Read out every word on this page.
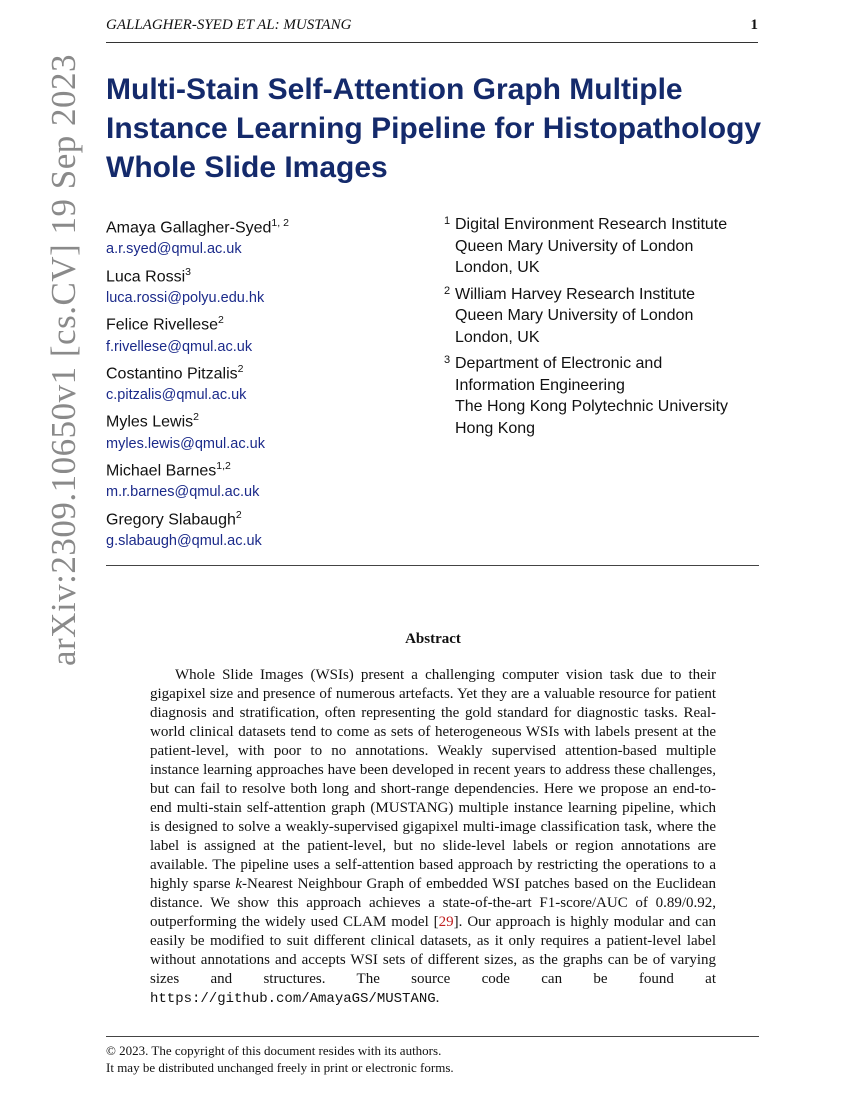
GALLAGHER-SYED ET AL: MUSTANG	1
arXiv:2309.10650v1 [cs.CV] 19 Sep 2023 Multi-Stain Self-Attention Graph Multiple Instance Learning Pipeline for Histopathology Whole Slide Images
Amaya Gallagher-Syed$^{1, 2}$
a.r.syed@qmul.ac.uk
Luca Rossi$^3$
luca.rossi@polyu.edu.hk
Felice Rivellese$^2$
f.rivellese@qmul.ac.uk
Costantino Pitzalis$^2$
c.pitzalis@qmul.ac.uk
Myles Lewis$^2$
myles.lewis@qmul.ac.uk
Michael Barnes$^{1,2}$
m.r.barnes@qmul.ac.uk
Gregory Slabaugh$^2$
g.slabaugh@qmul.ac.uk
1 Digital Environment Research Institute
Queen Mary University of London
London, UK
2 William Harvey Research Institute
Queen Mary University of London
London, UK
3 Department of Electronic and
Information Engineering
The Hong Kong Polytechnic University
Hong Kong
Abstract
Whole Slide Images (WSIs) present a challenging computer vision task due to their gigapixel size and presence of numerous artefacts. Yet they are a valuable resource for patient diagnosis and stratification, often representing the gold standard for diagnostic tasks. Real-world clinical datasets tend to come as sets of heterogeneous WSIs with labels present at the patient-level, with poor to no annotations. Weakly supervised attention-based multiple instance learning approaches have been developed in recent years to address these challenges, but can fail to resolve both long and short-range dependencies. Here we propose an end-to-end multi-stain self-attention graph (MUSTANG) multiple instance learning pipeline, which is designed to solve a weakly-supervised gigapixel multi-image classification task, where the label is assigned at the patient-level, but no slide-level labels or region annotations are available. The pipeline uses a self-attention based approach by restricting the operations to a highly sparse k-Nearest Neighbour Graph of embedded WSI patches based on the Euclidean distance. We show this approach achieves a state-of-the-art F1-score/AUC of 0.89/0.92, outperforming the widely used CLAM model [29]. Our approach is highly modular and can easily be modified to suit different clinical datasets, as it only requires a patient-level label without annotations and accepts WSI sets of different sizes, as the graphs can be of varying sizes and structures. The source code can be found at https://github.com/AmayaGS/MUSTANG.
© 2023. The copyright of this document resides with its authors.
It may be distributed unchanged freely in print or electronic forms.
